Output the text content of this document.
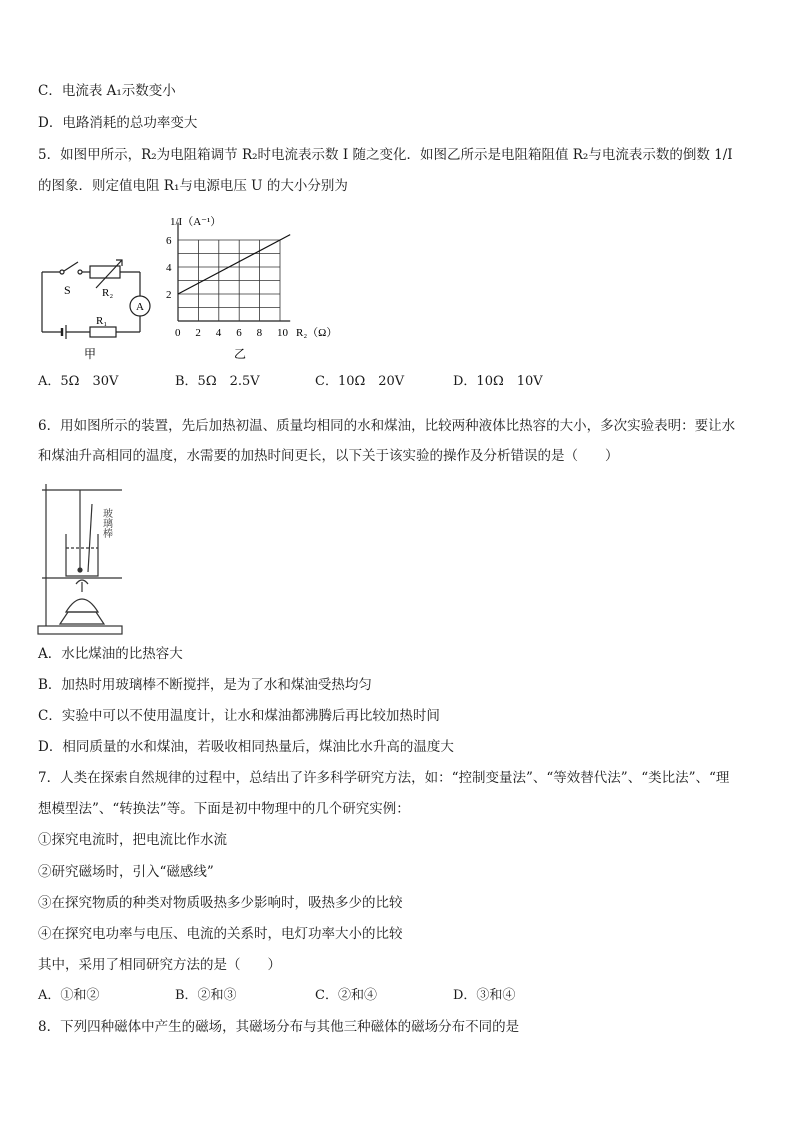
C．电流表 A₁示数变小
D．电路消耗的总功率变大
5．如图甲所示，R₂为电阻箱调节 R₂时电流表示数 I 随之变化．如图乙所示是电阻箱阻值 R₂与电流表示数的倒数 1/I
的图象．则定值电阻 R₁与电源电压 U 的大小分别为
S	R₂
A
R₁
甲
0 2 4 6 8 10
2
4
6
1/I（A⁻¹）
R₂（Ω）
乙
A．5Ω　30V	B．5Ω　2.5V	C．10Ω　20V	D．10Ω　10V
6．用如图所示的装置，先后加热初温、质量均相同的水和煤油，比较两种液体比热容的大小，多次实验表明：要让水
和煤油升高相同的温度，水需要的加热时间更长，以下关于该实验的操作及分析错误的是（　　）
玻璃棒
A．水比煤油的比热容大
B．加热时用玻璃棒不断搅拌，是为了水和煤油受热均匀
C．实验中可以不使用温度计，让水和煤油都沸腾后再比较加热时间
D．相同质量的水和煤油，若吸收相同热量后，煤油比水升高的温度大
7．人类在探索自然规律的过程中，总结出了许多科学研究方法，如：“控制变量法”、“等效替代法”、“类比法”、“理
想模型法”、“转换法”等。下面是初中物理中的几个研究实例：
①探究电流时，把电流比作水流
②研究磁场时，引入“磁感线”
③在探究物质的种类对物质吸热多少影响时，吸热多少的比较
④在探究电功率与电压、电流的关系时，电灯功率大小的比较
其中，采用了相同研究方法的是（　　）
A．①和②	B．②和③	C．②和④	D．③和④
8．下列四种磁体中产生的磁场，其磁场分布与其他三种磁体的磁场分布不同的是
